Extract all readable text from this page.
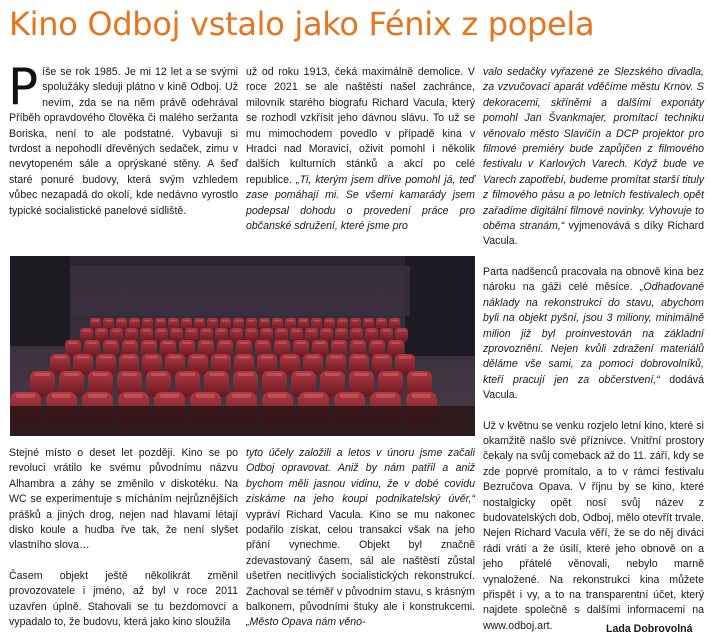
Kino Odboj vstalo jako Fénix z popela

Píše se rok 1985. Je mi 12 let a se svými spolužáky sleduji plátno v kině Odboj. Už nevím, zda se na něm právě odehrával Příběh opravdového člověka či malého seržanta Boriska, není to ale podstatné. Vybavuji si tvrdost a nepohodlí dřevěných sedaček, zimu v nevytopeném sále a oprýskané stěny. A šeď staré ponuré budovy, která svým vzhledem vůbec nezapadá do okolí, kde nedávno vyrostlo typické socialistické panelové sídliště.

už od roku 1913, čeká maximálně demolice. V roce 2021 se ale naštěstí našel zachránce, milovník starého biografu Richard Vacula, který se rozhodl vzkřísit jeho dávnou slávu. To už se mu mimochodem povedlo v případě kina v Hradci nad Moravicí, oživit pomohl i několik dalších kulturních stánků a akcí po celé republice. „Ti, kterým jsem dříve pomohl já, teď zase pomáhají mi. Se všemi kamarády jsem podepsal dohodu o provedení práce pro občanské sdružení, které jsme pro

valo sedačky vyřazené ze Slezského divadla, za vzvučovací aparát vděčíme městu Krnov. S dekoracemi, skříněmi a dalšími exponáty pomohl Jan Švankmajer, promítací techniku věnovalo město Slavičín a DCP projektor pro filmové premiéry bude zapůjčen z filmového festivalu v Karlových Varech. Když bude ve Varech zapotřebí, budeme promítat starší tituly z filmového pásu a po letních festivalech opět zařadíme digitální filmové novinky. Vyhovuje to oběma stranám,“ vyjmenovává s díky Richard Vacula.

Parta nadšenců pracovala na obnově kina bez nároku na gáži celé měsíce. „Odhadované náklady na rekonstrukci do stavu, abychom byli na objekt pyšní, jsou 3 miliony, minimálně milion již byl proinvestován na základní zprovoznění. Nejen kvůli zdražení materiálů děláme vše sami, za pomoci dobrovolníků, kteří pracují jen za občerstvení,“ dodává Vacula.

Už v květnu se venku rozjelo letní kino, které si okamžitě našlo své příznivce. Vnitřní prostory čekaly na svůj comeback až do 11. září, kdy se zde poprvé promítalo, a to v rámci festivalu Bezručova Opava. V říjnu by se kino, které nostalgicky opět nosí svůj název z budovatelských dob, Odboj, mělo otevřít trvale. Nejen Richard Vacula věří, že se do něj diváci rádi vrátí a že úsilí, které jeho obnově on a jeho přátelé věnovali, nebylo marně vynaložené. Na rekonstrukci kina můžete přispět i vy, a to na transparentní účet, který najdete společně s dalšími informacemi na www.odboj.art.

Stejné místo o deset let později. Kino se po revoluci vrátilo ke svému původnímu názvu Alhambra a záhy se změnilo v diskotéku. Na WC se experimentuje s mícháním nejrůznějších prášků a jiných drog, nejen nad hlavami létají disko koule a hudba řve tak, že není slyšet vlastního slova…

Časem objekt ještě několikrát změnil provozovatele i jméno, až byl v roce 2011 uzavřen úplně. Stahovali se tu bezdomovci a vypadalo to, že budovu, která jako kino sloužila

tyto účely založili a letos v únoru jsme začali Odboj opravovat. Aniž by nám patřil a aniž bychom měli jasnou vidinu, že v dobé covidu získáme na jeho koupi podnikatelský úvěr,“ vypráví Richard Vacula. Kino se mu nakonec podařilo získat, celou transakci však na jeho přání vynechme. Objekt byl značně zdevastovaný časem, sál ale naštěstí zůstal ušetřen necitlivých socialistických rekonstrukcí. Zachoval se téměř v původním stavu, s krásným balkonem, původními štuky ale i konstrukcemi. „Město Opava nám věno-

Lada Dobrovolná
